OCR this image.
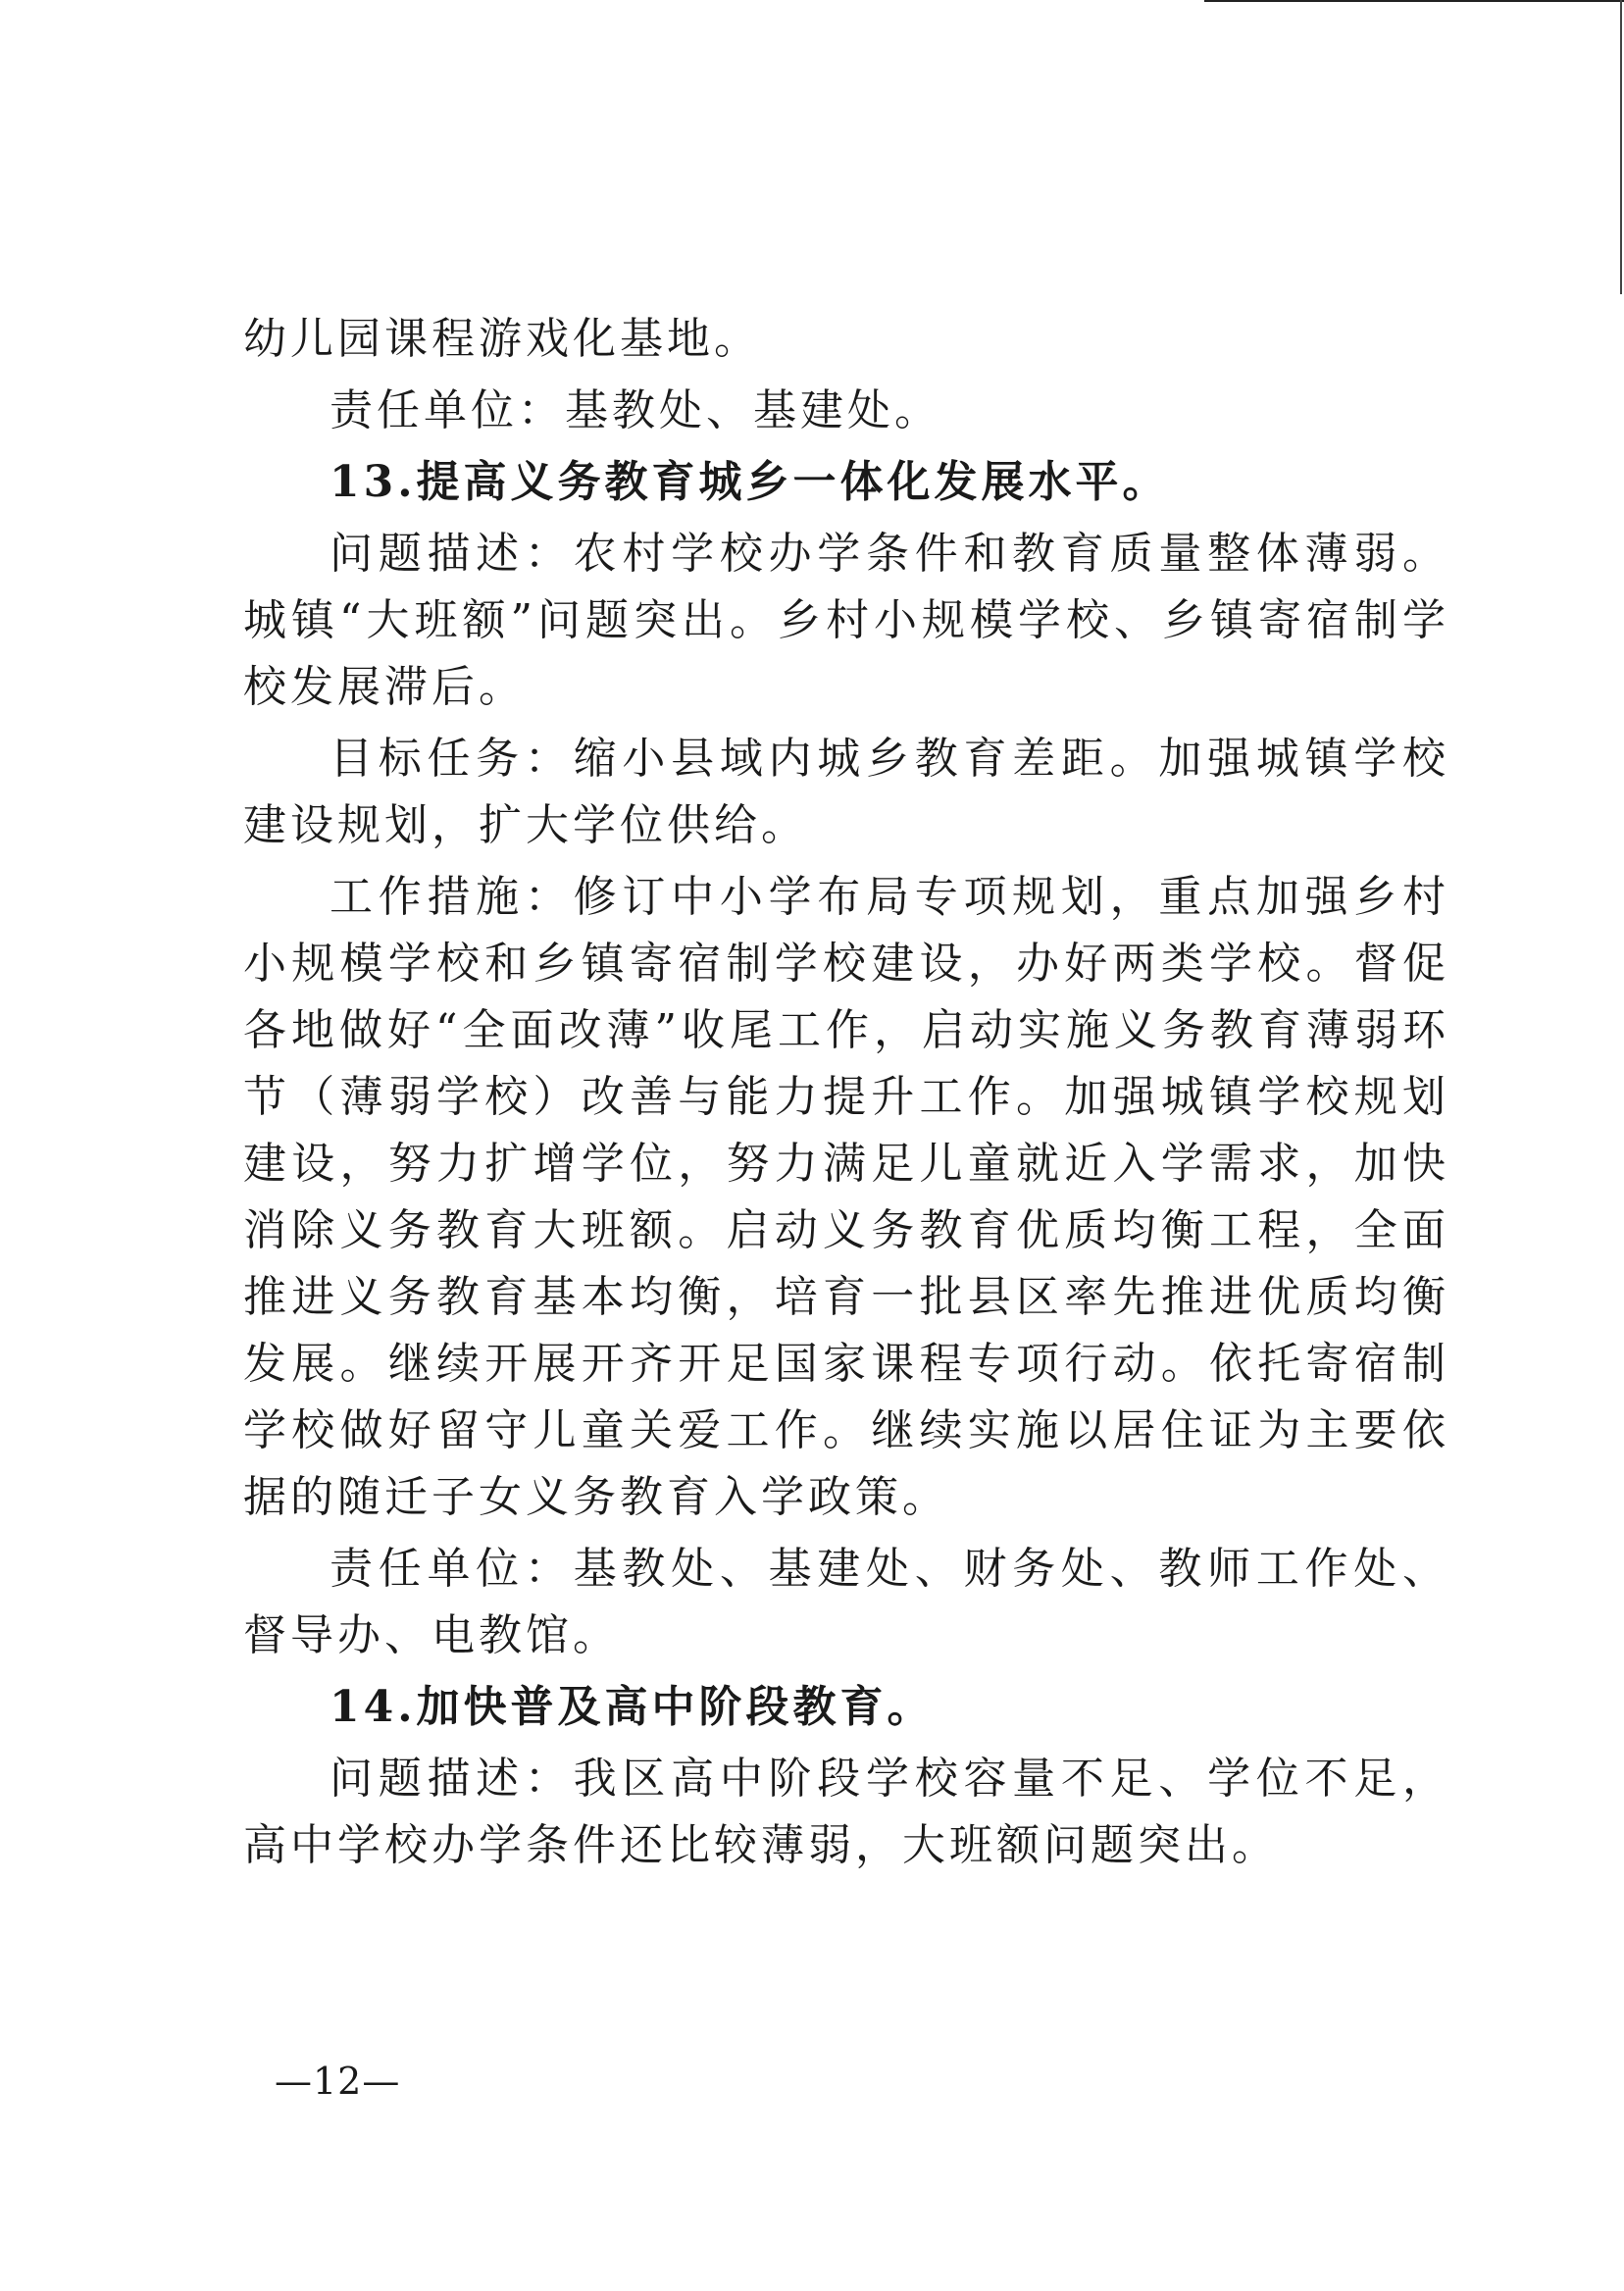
幼儿园课程游戏化基地。

责任单位：基教处、基建处。

13.提高义务教育城乡一体化发展水平。

问题描述：农村学校办学条件和教育质量整体薄弱。城镇“大班额”问题突出。乡村小规模学校、乡镇寄宿制学校发展滞后。

目标任务：缩小县域内城乡教育差距。加强城镇学校建设规划，扩大学位供给。

工作措施：修订中小学布局专项规划，重点加强乡村小规模学校和乡镇寄宿制学校建设，办好两类学校。督促各地做好“全面改薄”收尾工作，启动实施义务教育薄弱环节（薄弱学校）改善与能力提升工作。加强城镇学校规划建设，努力扩增学位，努力满足儿童就近入学需求，加快消除义务教育大班额。启动义务教育优质均衡工程，全面推进义务教育基本均衡，培育一批县区率先推进优质均衡发展。继续开展开齐开足国家课程专项行动。依托寄宿制学校做好留守儿童关爱工作。继续实施以居住证为主要依据的随迁子女义务教育入学政策。

责任单位：基教处、基建处、财务处、教师工作处、督导办、电教馆。

14.加快普及高中阶段教育。

问题描述：我区高中阶段学校容量不足、学位不足，高中学校办学条件还比较薄弱，大班额问题突出。

—12—
